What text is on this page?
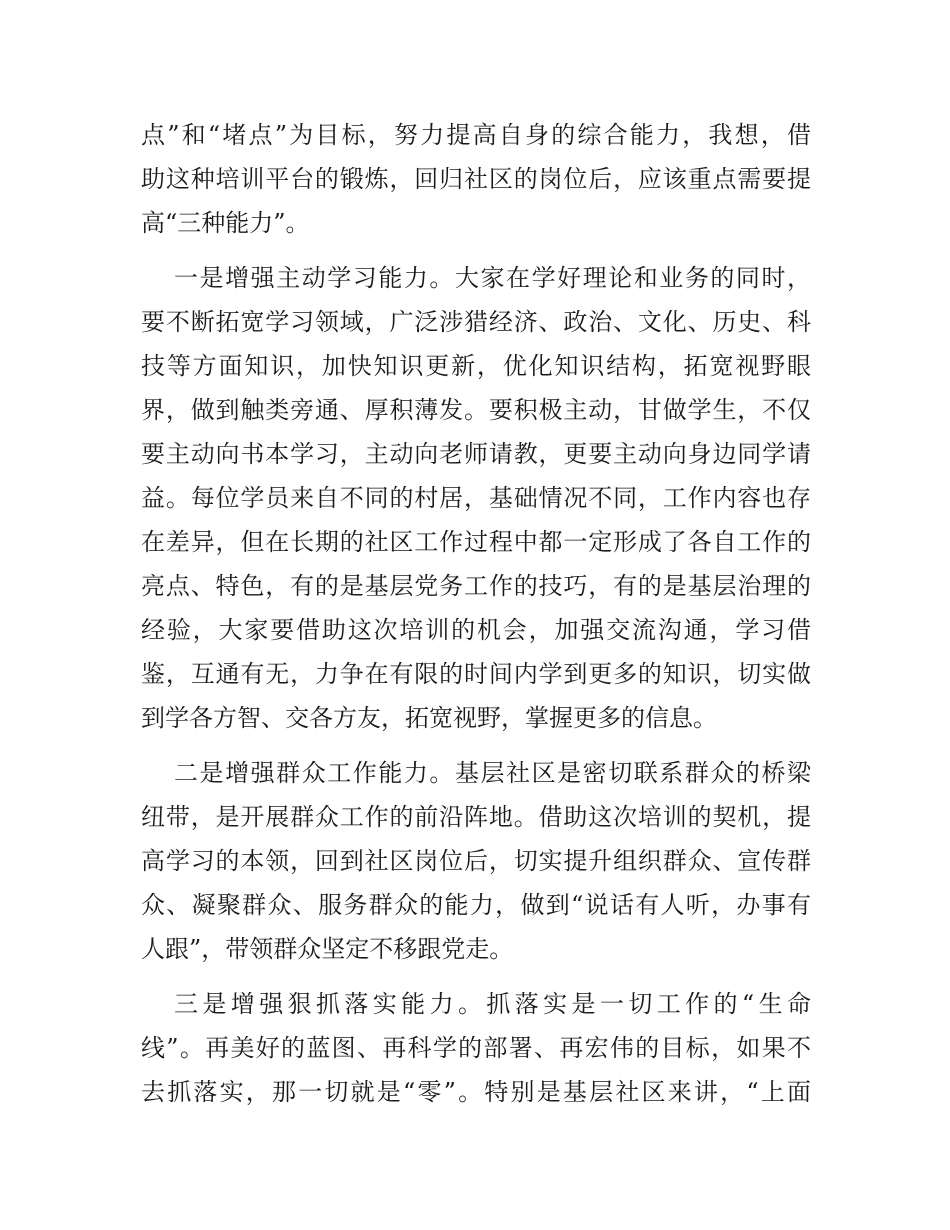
点”和“堵点”为目标，努力提高自身的综合能力，我想，借
助这种培训平台的锻炼，回归社区的岗位后，应该重点需要提
高“三种能力”。
一是增强主动学习能力。大家在学好理论和业务的同时，
要不断拓宽学习领域，广泛涉猎经济、政治、文化、历史、科
技等方面知识，加快知识更新，优化知识结构，拓宽视野眼
界，做到触类旁通、厚积薄发。要积极主动，甘做学生，不仅
要主动向书本学习，主动向老师请教，更要主动向身边同学请
益。每位学员来自不同的村居，基础情况不同，工作内容也存
在差异，但在长期的社区工作过程中都一定形成了各自工作的
亮点、特色，有的是基层党务工作的技巧，有的是基层治理的
经验，大家要借助这次培训的机会，加强交流沟通，学习借
鉴，互通有无，力争在有限的时间内学到更多的知识，切实做
到学各方智、交各方友，拓宽视野，掌握更多的信息。
二是增强群众工作能力。基层社区是密切联系群众的桥梁
纽带，是开展群众工作的前沿阵地。借助这次培训的契机，提
高学习的本领，回到社区岗位后，切实提升组织群众、宣传群
众、凝聚群众、服务群众的能力，做到“说话有人听，办事有
人跟”，带领群众坚定不移跟党走。
三是增强狠抓落实能力。抓落实是一切工作的“生命
线”。再美好的蓝图、再科学的部署、再宏伟的目标，如果不
去抓落实，那一切就是“零”。特别是基层社区来讲，“上面
